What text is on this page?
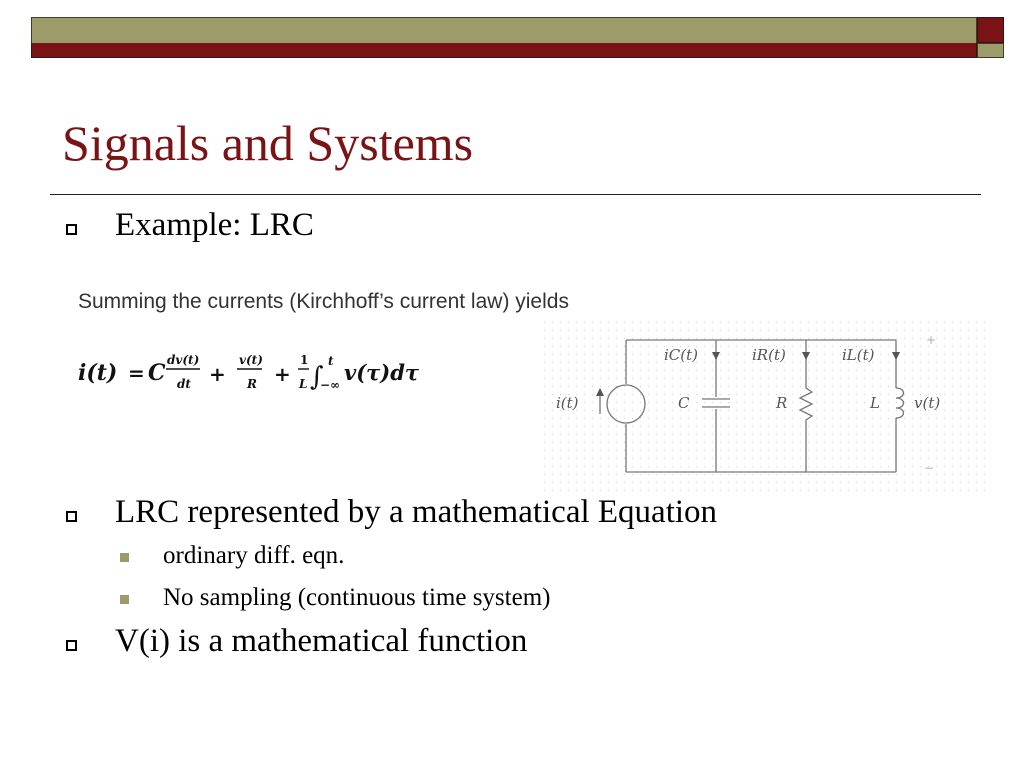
Signals and Systems
Example: LRC
Summing the currents (Kirchhoff’s current law) yields
i(t) = C dv(t)
dt +
v(t)
R +
1
L ∫
t
−∞ v(τ)dτ
i(t)
iC(t)	iR(t)	iL(t)
C	R	L v(t)
+
−
LRC represented by a mathematical Equation
ordinary diff. eqn.
No sampling (continuous time system)
V(i) is a mathematical function
